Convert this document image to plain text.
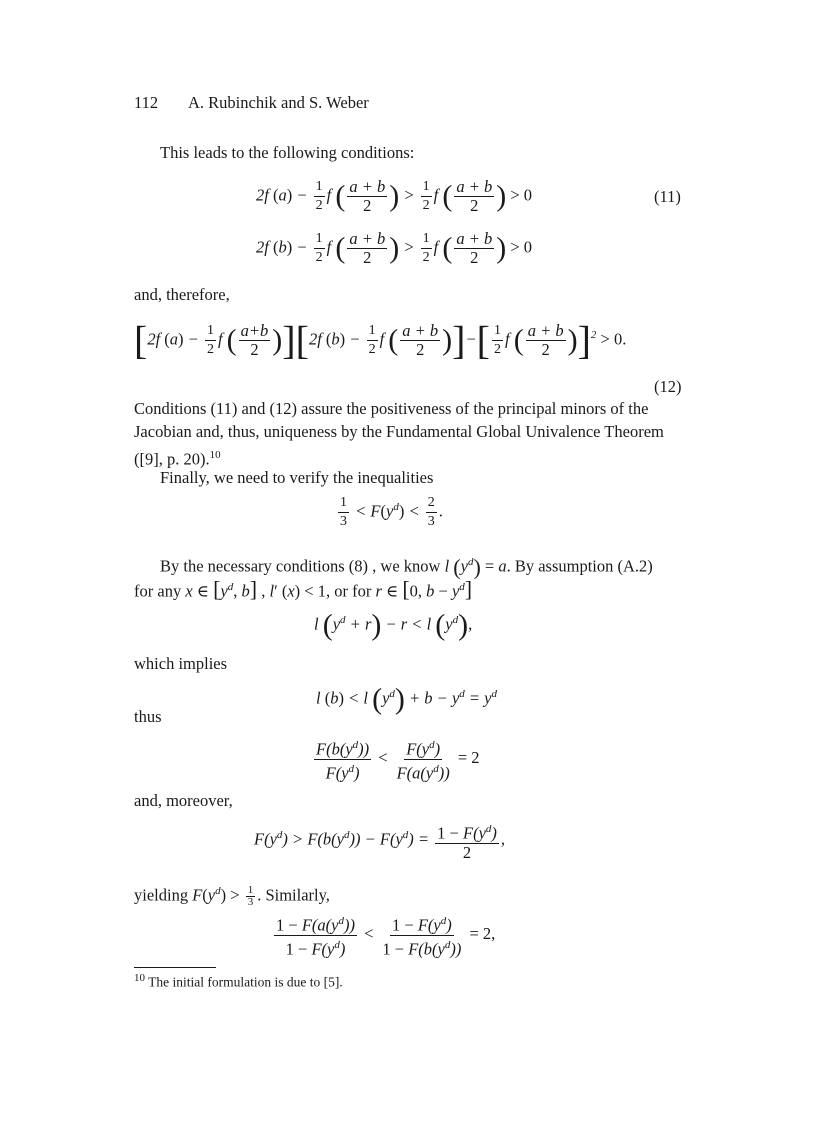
112 A. Rubinchik and S. Weber
This leads to the following conditions:
2f $(a) - \frac{1}{2}$ f ( $\frac{a + b}{2}$ ) > $\frac{1}{2}$ f ( $\frac{a + b}{2}$ ) > 0	(11)
2f $(b) - \frac{1}{2}$ f ( $\frac{a + b}{2}$ ) > $\frac{1}{2}$ f ( $\frac{a + b}{2}$ ) > 0
and, therefore,
[2f $(a) - \frac{1}{2}$ f ( $\frac{a+b}{2} )][2f$ $(b) - \frac{1}{2}$ f ( $\frac{a + b}{2}$ )]−[ $\frac{1}{2}$ f ( $\frac{a + b}{2} )]^2 > 0$.
(12)
Conditions (11) and (12) assure the positiveness of the principal minors of the
Jacobian and, thus, uniqueness by the Fundamental Global Univalence Theorem
([9], p. 20).$^{10}$
Finally, we need to verify the inequalities
$\frac{1}{3} < F(y^d) < \frac{2}{3}$ .
By the necessary conditions (8) , we know l $(y^d) = a$. By assumption (A.2)
for any x ∈ [$y^d$, b] , l′ (x) < 1, or for r ∈ [0, $b - y^d$]
l $(y^d + r) - r < l$ $(y^d)$,
which implies
l (b) < l $(y^d) + b - y^d = y^d$
thus
$\frac{F(b(y^d))}{F(y^d)} < \frac{F(y^d)}{F(a(y^d))} = 2$
and, moreover,
$F(y^d) > F(b(y^d)) - F(y^d) = \frac{1 - F(y^d)}{2}$ ,
yielding $F(y^d) > \frac{1}{3}$ . Similarly,
$\frac{1 - F(a(y^d))}{1 - F(y^d)} < \frac{1 - F(y^d)}{1 - F(b(y^d))} = 2$,
$^{10}$ The initial formulation is due to [5].
